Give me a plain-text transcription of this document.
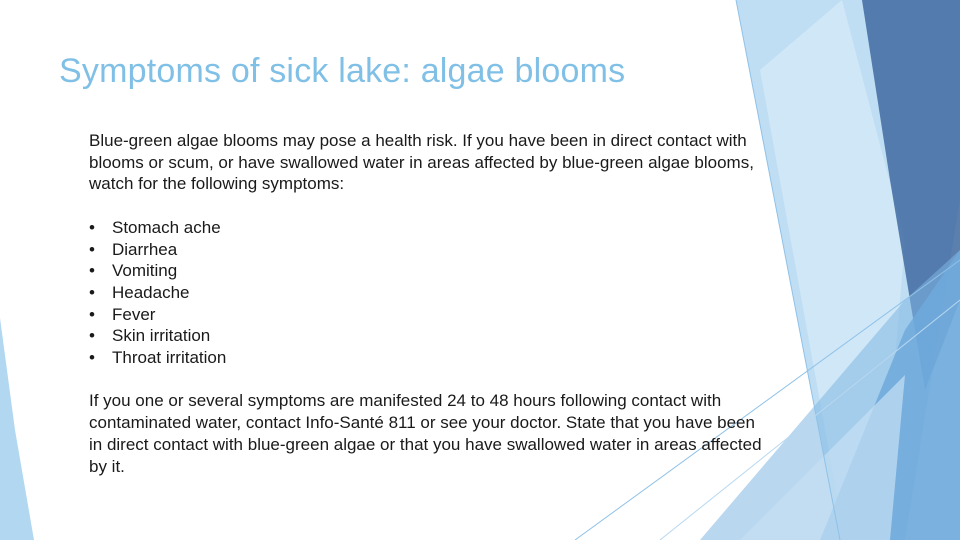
Symptoms of sick lake: algae blooms

Blue-green algae blooms may pose a health risk. If you have been in direct contact with blooms or scum, or have swallowed water in areas affected by blue-green algae blooms, watch for the following symptoms:

• Stomach ache
• Diarrhea
• Vomiting
• Headache
• Fever
• Skin irritation
• Throat irritation

If you one or several symptoms are manifested 24 to 48 hours following contact with contaminated water, contact Info-Santé 811 or see your doctor. State that you have been in direct contact with blue-green algae or that you have swallowed water in areas affected by it.
